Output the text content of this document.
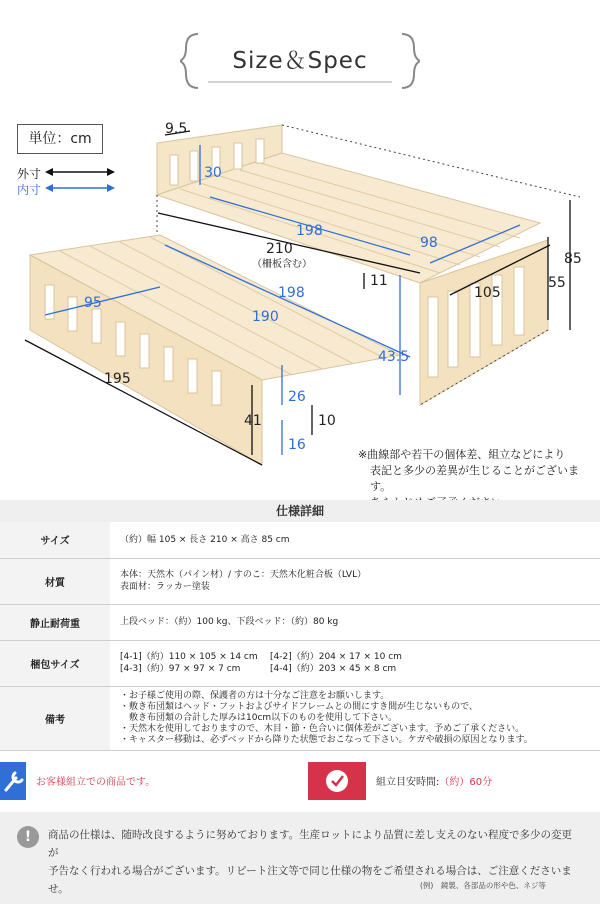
Size＆Spec
単位：cm
外寸
内寸
9.5
30
198
98
210
（柵板含む）
198
11
85
55
105
95
190
43.5
195
26
41	10
16
※曲線部や若干の個体差、組立などにより
表記と多少の差異が生じることがございます。
仕様詳細
サイズ	（約）幅 105 × 長さ 210 × 高さ 85 cm
材質	本体：天然木（パイン材）/ すのこ：天然木化粧合板（LVL）
表面材：ラッカー塗装

静止耐荷重	上段ベッド：（約）100 kg、下段ベッド：（約）80 kg
梱包サイズ	[4-1]（約）110 × 105 × 14 cm [4-2]（約）204 × 17 × 10 cm
[4-3]（約）97 × 97 × 7 cm [4-4]（約）203 × 45 × 8 cm

備考	・お子様ご使用の際、保護者の方は十分なご注意をお願いします。
・敷き布団類はヘッド・フットおよびサイドフレームとの間にすき間が生じないもので、
　敷き布団類の合計した厚みは10cm以下のものを使用して下さい。
・天然木を使用しておりますので、木目・節・色合いに個体差がございます。予めご了承ください。
・キャスター移動は、必ずベッドから降りた状態でおこなって下さい。ケガや破損の原因となります。
お客様組立での商品です。	組立目安時間:（約）60分
!	商品の仕様は、随時改良するように努めております。生産ロットにより品質に差し支えのない程度で多少の変更が
予告なく行われる場合がございます。リピート注文等で同じ仕様の物をご希望される場合は、ご注意くださいませ。	(例)　鏡製、各部品の形や色、ネジ等
